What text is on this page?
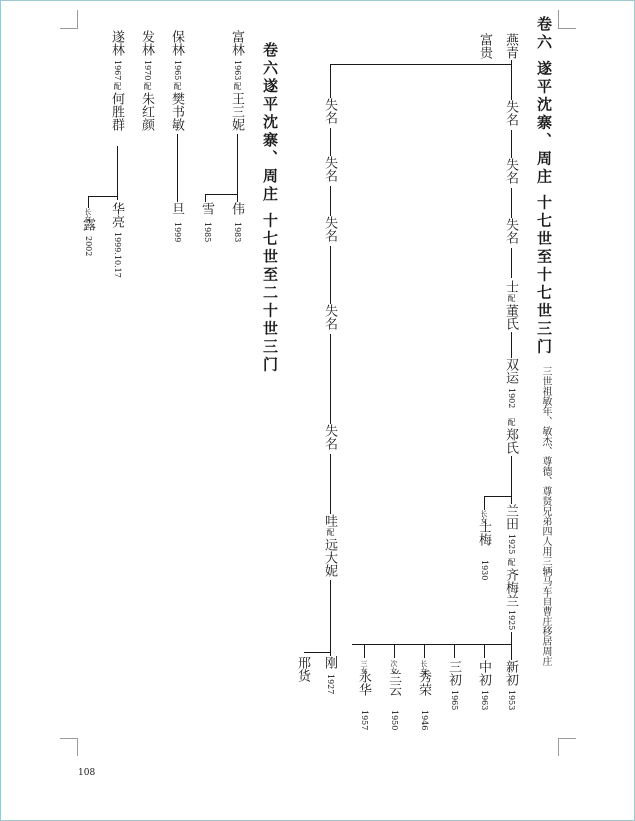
卷六 遂平沈寨、周庄 十七世至十七世三门
三世祖敏年、敏杰、尊德、尊贤兄弟四人用三辆马车自曹庄移居周庄
卷六遂平沈寨、周庄 十七世至二十世三门	燕青
失名
失名
失名
士
配
董氏
双运
1902
配
郑氏
兰田
1925
配
齐梅兰
1925
新初
1953
富贵
长女
士梅
1930
中初
1963
三初
1965
长女
秀荣
1946
次女
兰云
1950
三女
永华
1957
失名
失名
失名
失名
失名
哇
配
远大妮
刚
1927
邢货
富林
1963
配
王三妮
伟
1983
雪
1985
保林
1965
配
樊书敏
旦
1999
发林
1970
配
朱红颜
遂林
1967
配
何胜群
华亮
1999.10.17
长女
露
2002
108
